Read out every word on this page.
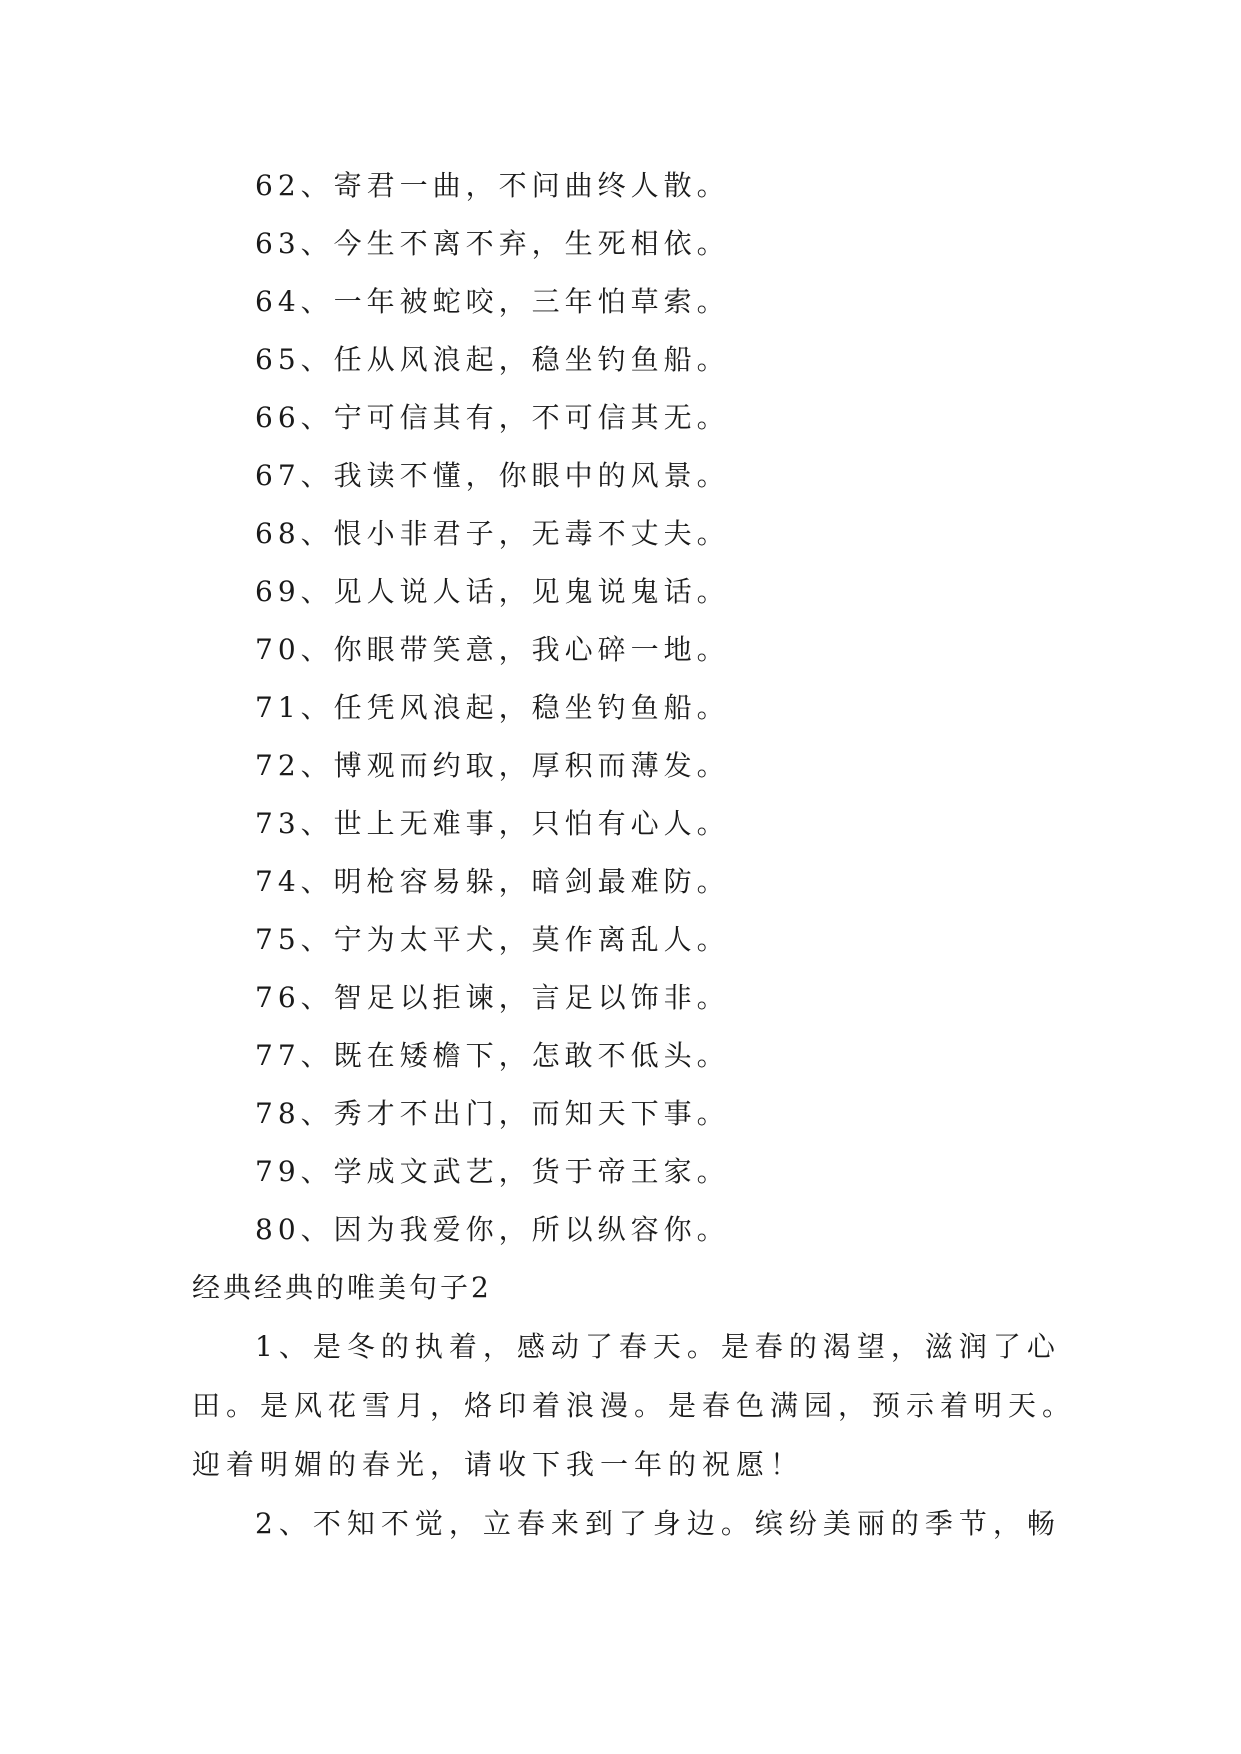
62、寄君一曲，不问曲终人散。
63、今生不离不弃，生死相依。
64、一年被蛇咬，三年怕草索。
65、任从风浪起，稳坐钓鱼船。
66、宁可信其有，不可信其无。
67、我读不懂，你眼中的风景。
68、恨小非君子，无毒不丈夫。
69、见人说人话，见鬼说鬼话。
70、你眼带笑意，我心碎一地。
71、任凭风浪起，稳坐钓鱼船。
72、博观而约取，厚积而薄发。
73、世上无难事，只怕有心人。
74、明枪容易躲，暗剑最难防。
75、宁为太平犬，莫作离乱人。
76、智足以拒谏，言足以饰非。
77、既在矮檐下，怎敢不低头。
78、秀才不出门，而知天下事。
79、学成文武艺，货于帝王家。
80、因为我爱你，所以纵容你。
经典经典的唯美句子2
1、是冬的执着，感动了春天。是春的渴望，滋润了心
田。是风花雪月，烙印着浪漫。是春色满园，预示着明天。
迎着明媚的春光，请收下我一年的祝愿！
2、不知不觉，立春来到了身边。缤纷美丽的季节，畅
